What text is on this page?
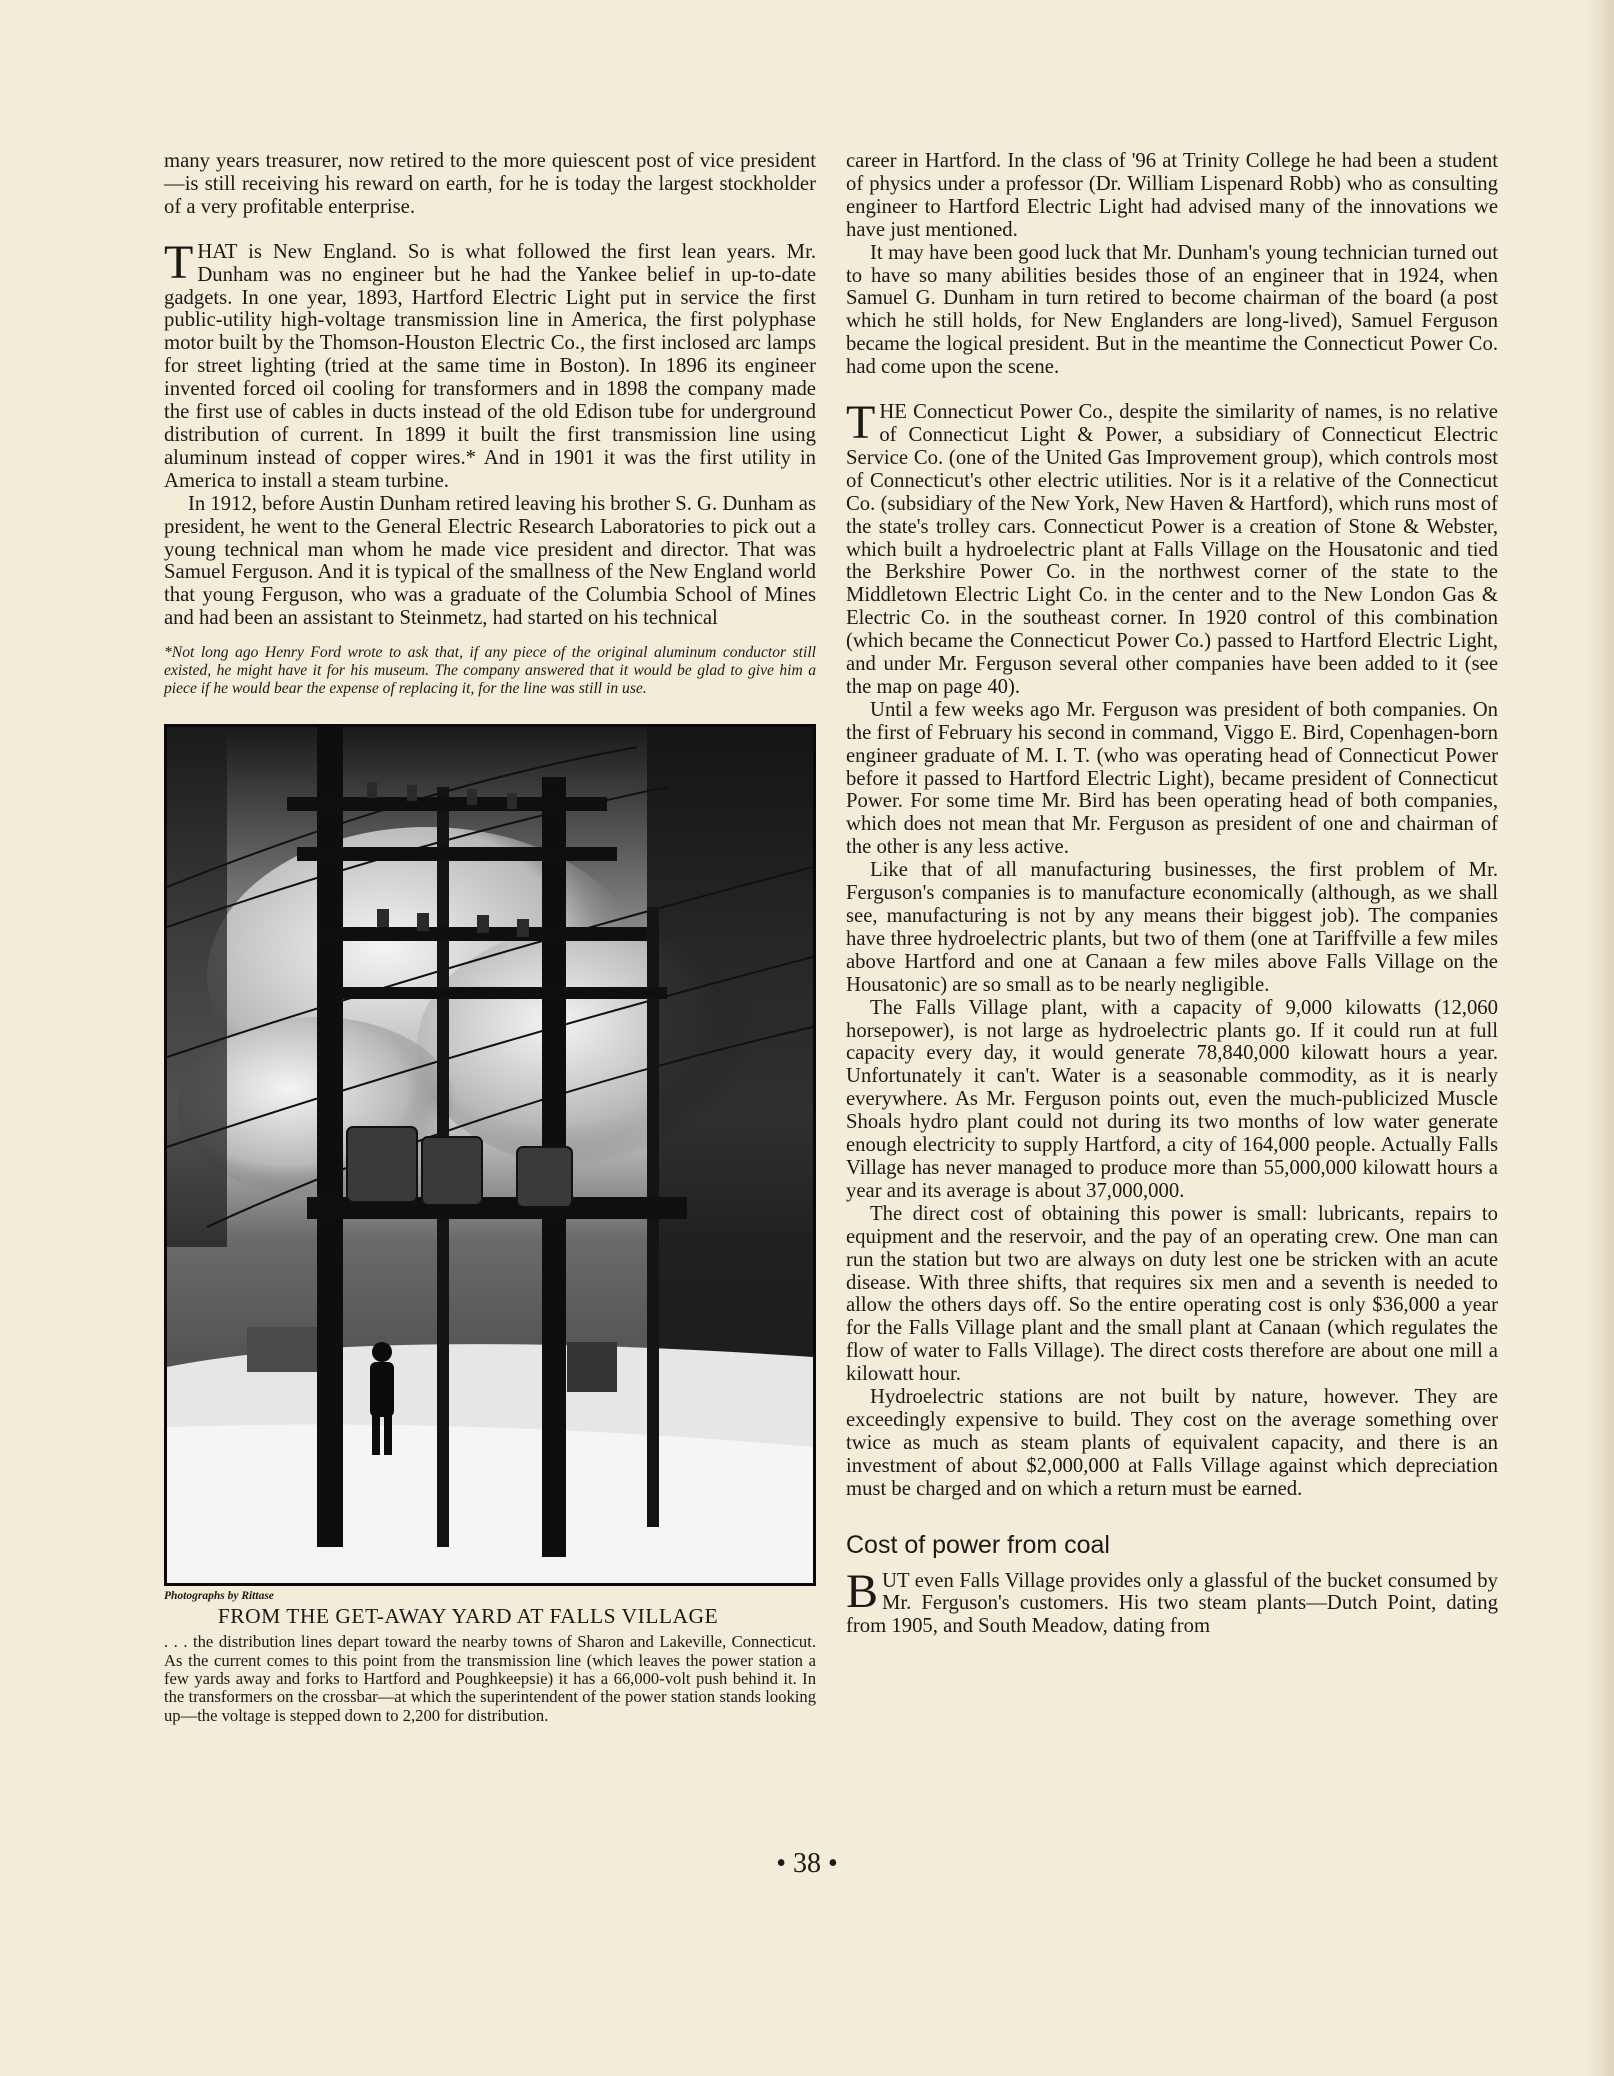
many years treasurer, now retired to the more quiescent post of vice president—is still receiving his reward on earth, for he is today the largest stockholder of a very profitable enterprise.

THAT is New England. So is what followed the first lean years. Mr. Dunham was no engineer but he had the Yankee belief in up-to-date gadgets. In one year, 1893, Hartford Electric Light put in service the first public-utility high-voltage transmission line in America, the first polyphase motor built by the Thomson-Houston Electric Co., the first inclosed arc lamps for street lighting (tried at the same time in Boston). In 1896 its engineer invented forced oil cooling for transformers and in 1898 the company made the first use of cables in ducts instead of the old Edison tube for underground distribution of current. In 1899 it built the first transmission line using aluminum instead of copper wires.* And in 1901 it was the first utility in America to install a steam turbine.

In 1912, before Austin Dunham retired leaving his brother S. G. Dunham as president, he went to the General Electric Research Laboratories to pick out a young technical man whom he made vice president and director. That was Samuel Ferguson. And it is typical of the smallness of the New England world that young Ferguson, who was a graduate of the Columbia School of Mines and had been an assistant to Steinmetz, had started on his technical

*Not long ago Henry Ford wrote to ask that, if any piece of the original aluminum conductor still existed, he might have it for his museum. The company answered that it would be glad to give him a piece if he would bear the expense of replacing it, for the line was still in use.

Photographs by Rittase
FROM THE GET-AWAY YARD AT FALLS VILLAGE

. . . the distribution lines depart toward the nearby towns of Sharon and Lakeville, Connecticut. As the current comes to this point from the transmission line (which leaves the power station a few yards away and forks to Hartford and Poughkeepsie) it has a 66,000-volt push behind it. In the transformers on the crossbar—at which the superintendent of the power station stands looking up—the voltage is stepped down to 2,200 for distribution.

career in Hartford. In the class of '96 at Trinity College he had been a student of physics under a professor (Dr. William Lispenard Robb) who as consulting engineer to Hartford Electric Light had advised many of the innovations we have just mentioned.

It may have been good luck that Mr. Dunham's young technician turned out to have so many abilities besides those of an engineer that in 1924, when Samuel G. Dunham in turn retired to become chairman of the board (a post which he still holds, for New Englanders are long-lived), Samuel Ferguson became the logical president. But in the meantime the Connecticut Power Co. had come upon the scene.

THE Connecticut Power Co., despite the similarity of names, is no relative of Connecticut Light & Power, a subsidiary of Connecticut Electric Service Co. (one of the United Gas Improvement group), which controls most of Connecticut's other electric utilities. Nor is it a relative of the Connecticut Co. (subsidiary of the New York, New Haven & Hartford), which runs most of the state's trolley cars. Connecticut Power is a creation of Stone & Webster, which built a hydroelectric plant at Falls Village on the Housatonic and tied the Berkshire Power Co. in the northwest corner of the state to the Middletown Electric Light Co. in the center and to the New London Gas & Electric Co. in the southeast corner. In 1920 control of this combination (which became the Connecticut Power Co.) passed to Hartford Electric Light, and under Mr. Ferguson several other companies have been added to it (see the map on page 40).

Until a few weeks ago Mr. Ferguson was president of both companies. On the first of February his second in command, Viggo E. Bird, Copenhagen-born engineer graduate of M. I. T. (who was operating head of Connecticut Power before it passed to Hartford Electric Light), became president of Connecticut Power. For some time Mr. Bird has been operating head of both companies, which does not mean that Mr. Ferguson as president of one and chairman of the other is any less active.

Like that of all manufacturing businesses, the first problem of Mr. Ferguson's companies is to manufacture economically (although, as we shall see, manufacturing is not by any means their biggest job). The companies have three hydroelectric plants, but two of them (one at Tariffville a few miles above Hartford and one at Canaan a few miles above Falls Village on the Housatonic) are so small as to be nearly negligible.

The Falls Village plant, with a capacity of 9,000 kilowatts (12,060 horsepower), is not large as hydroelectric plants go. If it could run at full capacity every day, it would generate 78,840,000 kilowatt hours a year. Unfortunately it can't. Water is a seasonable commodity, as it is nearly everywhere. As Mr. Ferguson points out, even the much-publicized Muscle Shoals hydro plant could not during its two months of low water generate enough electricity to supply Hartford, a city of 164,000 people. Actually Falls Village has never managed to produce more than 55,000,000 kilowatt hours a year and its average is about 37,000,000.

The direct cost of obtaining this power is small: lubricants, repairs to equipment and the reservoir, and the pay of an operating crew. One man can run the station but two are always on duty lest one be stricken with an acute disease. With three shifts, that requires six men and a seventh is needed to allow the others days off. So the entire operating cost is only $36,000 a year for the Falls Village plant and the small plant at Canaan (which regulates the flow of water to Falls Village). The direct costs therefore are about one mill a kilowatt hour.

Hydroelectric stations are not built by nature, however. They are exceedingly expensive to build. They cost on the average something over twice as much as steam plants of equivalent capacity, and there is an investment of about $2,000,000 at Falls Village against which depreciation must be charged and on which a return must be earned.

Cost of power from coal

BUT even Falls Village provides only a glassful of the bucket consumed by Mr. Ferguson's customers. His two steam plants—Dutch Point, dating from 1905, and South Meadow, dating from

• 38 •
